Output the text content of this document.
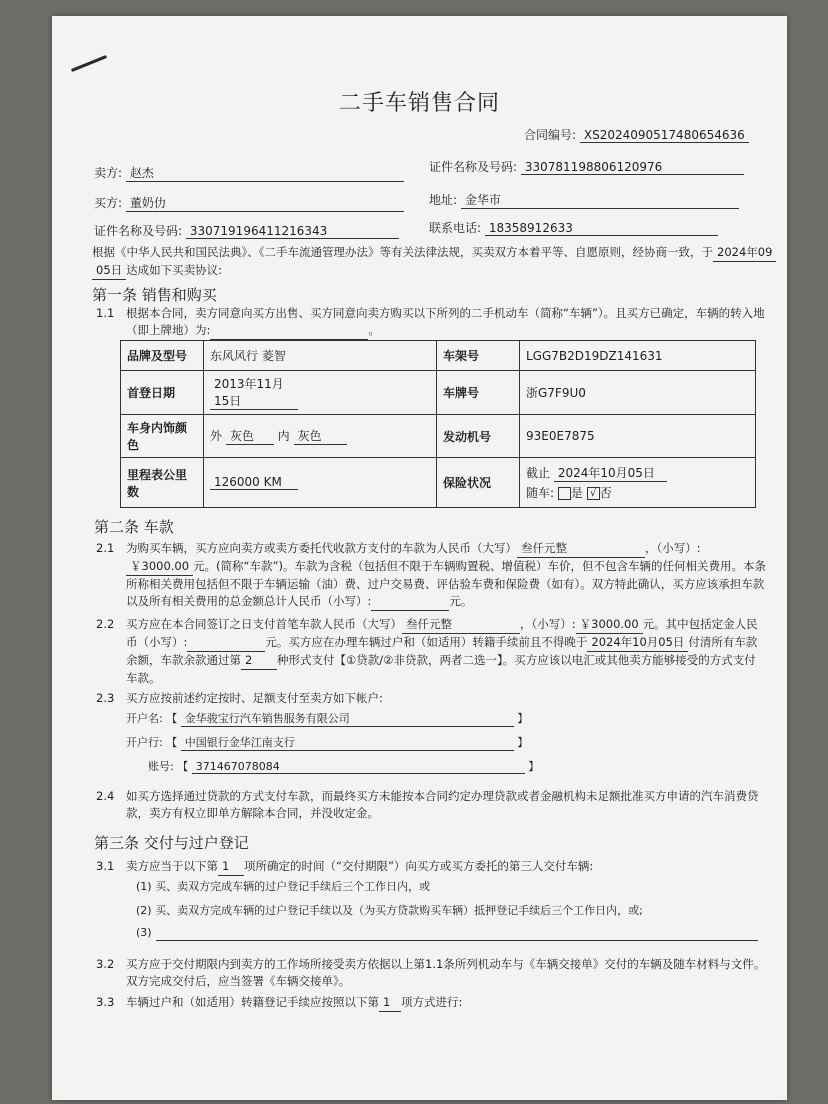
二手车销售合同
合同编号: XS2024090517480654636
卖方: 赵杰	证件名称及号码: 330781198806120976
买方: 董奶仂	地址: 金华市
证件名称及号码: 330719196411216343	联系电话: 18358912633
根据《中华人民共和国民法典》、《二手车流通管理办法》等有关法律法规，买卖双方本着平等、自愿原则，经协商一致，于 2024年09
05日 达成如下买卖协议:
第一条 销售和购买
1.1 根据本合同，卖方同意向买方出售、买方同意向卖方购买以下所列的二手机动车（简称“车辆”）。且买方已确定，车辆的转入地（即上牌地）为:	。
品牌及型号	东风风行 菱智	车架号	LGG7B2D19DZ141631
首登日期	2013年11月15日	车牌号	浙G7F9U0
车身内饰颜色	外 灰色 内 灰色	发动机号	93E0E7875
里程表公里数	126000 KM	保险状况	截止 2024年10月05日
随车: 是 √ 否
第二条 车款
2.1 为购买车辆，买方应向卖方或卖方委托代收款方支付的车款为人民币（大写） 叁仟元整	，（小写）: ￥3000.00 元。(简称“车款”)。车款为含税（包括但不限于车辆购置税、增值税）车价，但不包含车辆的任何相关费用。本条所称相关费用包括但不限于车辆运输（油）费、过户交易费、评估验车费和保险费（如有）。双方特此确认，买方应该承担车款以及所有相关费用的总金额总计人民币（小写）:	元。
2.2 买方应在本合同签订之日支付首笔车款人民币（大写） 叁仟元整	，（小写）: ￥3000.00 元。其中包括定金人民币（小写）:	元。买方应在办理车辆过户和（如适用）转籍手续前且不得晚于 2024年10月05日 付清所有车款余额，车款余款通过第 2 种形式支付【①贷款/②非贷款，两者二选一】。买方应该以电汇或其他卖方能够接受的方式支付车款。
2.3 买方应按前述约定按时、足额支付至卖方如下帐户:
开户名: 【 金华骏宝行汽车销售服务有限公司	】
开户行: 【 中国银行金华江南支行	】
账号: 【 371467078084	】
2.4 如买方选择通过贷款的方式支付车款，而最终买方未能按本合同约定办理贷款或者金融机构未足额批准买方申请的汽车消费贷款，卖方有权立即单方解除本合同，并没收定金。
第三条 交付与过户登记
3.1 卖方应当于以下第 1 项所确定的时间（“交付期限”）向买方或买方委托的第三人交付车辆:
(1) 买、卖双方完成车辆的过户登记手续后三个工作日内，或
(2) 买、卖双方完成车辆的过户登记手续以及（为买方贷款购买车辆）抵押登记手续后三个工作日内，或;
(3)
3.2 买方应于交付期限内到卖方的工作场所接受卖方依据以上第1.1条所列机动车与《车辆交接单》交付的车辆及随车材料与文件。双方完成交付后，应当签署《车辆交接单》。
3.3 车辆过户和（如适用）转籍登记手续应按照以下第 1 项方式进行:
